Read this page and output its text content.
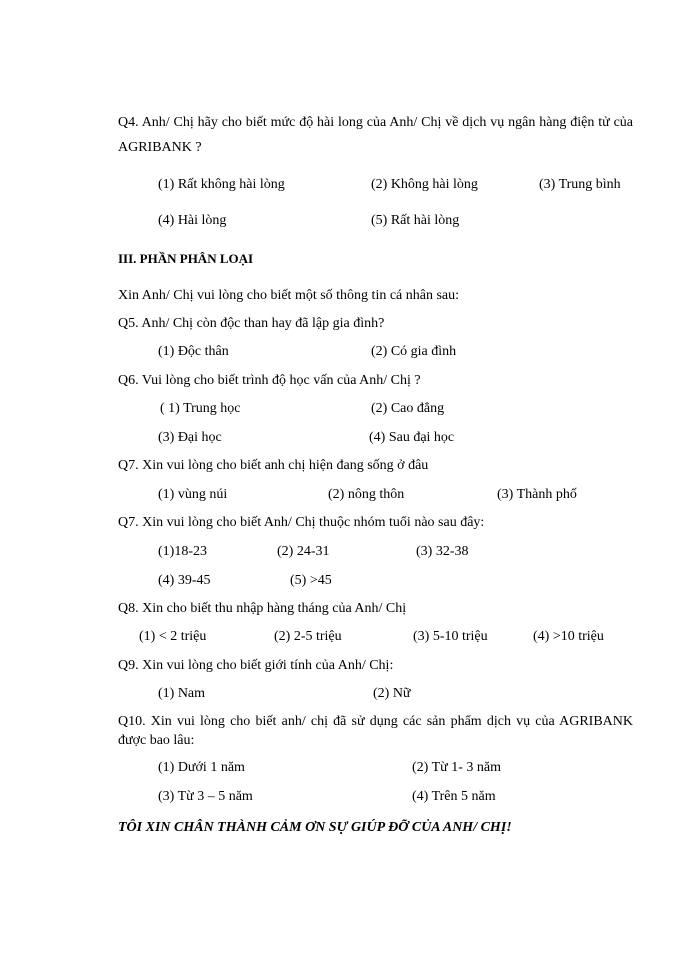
Q4. Anh/ Chị hãy cho biết mức độ hài long của Anh/ Chị về dịch vụ ngân hàng điện tử của AGRIBANK ?
(1) Rất không hài lòng	(2) Không hài lòng	(3) Trung bình
(4) Hài lòng	(5) Rất hài lòng
III. PHẦN PHÂN LOẠI
Xin Anh/ Chị vui lòng cho biết một số thông tin cá nhân sau:
Q5. Anh/ Chị còn độc than hay đã lập gia đình?
(1) Độc thân	(2) Có gia đình
Q6. Vui lòng cho biết trình độ học vấn của Anh/ Chị ?
( 1) Trung học	(2) Cao đẳng
(3) Đại học	(4) Sau đại học
Q7. Xin vui lòng cho biết anh chị hiện đang sống ở đâu
(1) vùng núi	(2) nông thôn	(3) Thành phố
Q7. Xin vui lòng cho biết Anh/ Chị thuộc nhóm tuổi nào sau đây:
(1)18-23	(2) 24-31	(3) 32-38
(4) 39-45	(5) >45
Q8. Xin cho biết thu nhập hàng tháng của Anh/ Chị
(1) < 2 triệu	(2) 2-5 triệu	(3) 5-10 triệu	(4) >10 triệu
Q9. Xin vui lòng cho biết giới tính của Anh/ Chị:
(1) Nam	(2) Nữ
Q10. Xin vui lòng cho biết anh/ chị đã sử dụng các sản phẩm dịch vụ của AGRIBANK được bao lâu:
(1) Dưới 1 năm	(2) Từ 1- 3 năm
(3) Từ 3 – 5 năm	(4) Trên 5 năm
TÔI XIN CHÂN THÀNH CẢM ƠN SỰ GIÚP ĐỠ CỦA ANH/ CHỊ!
